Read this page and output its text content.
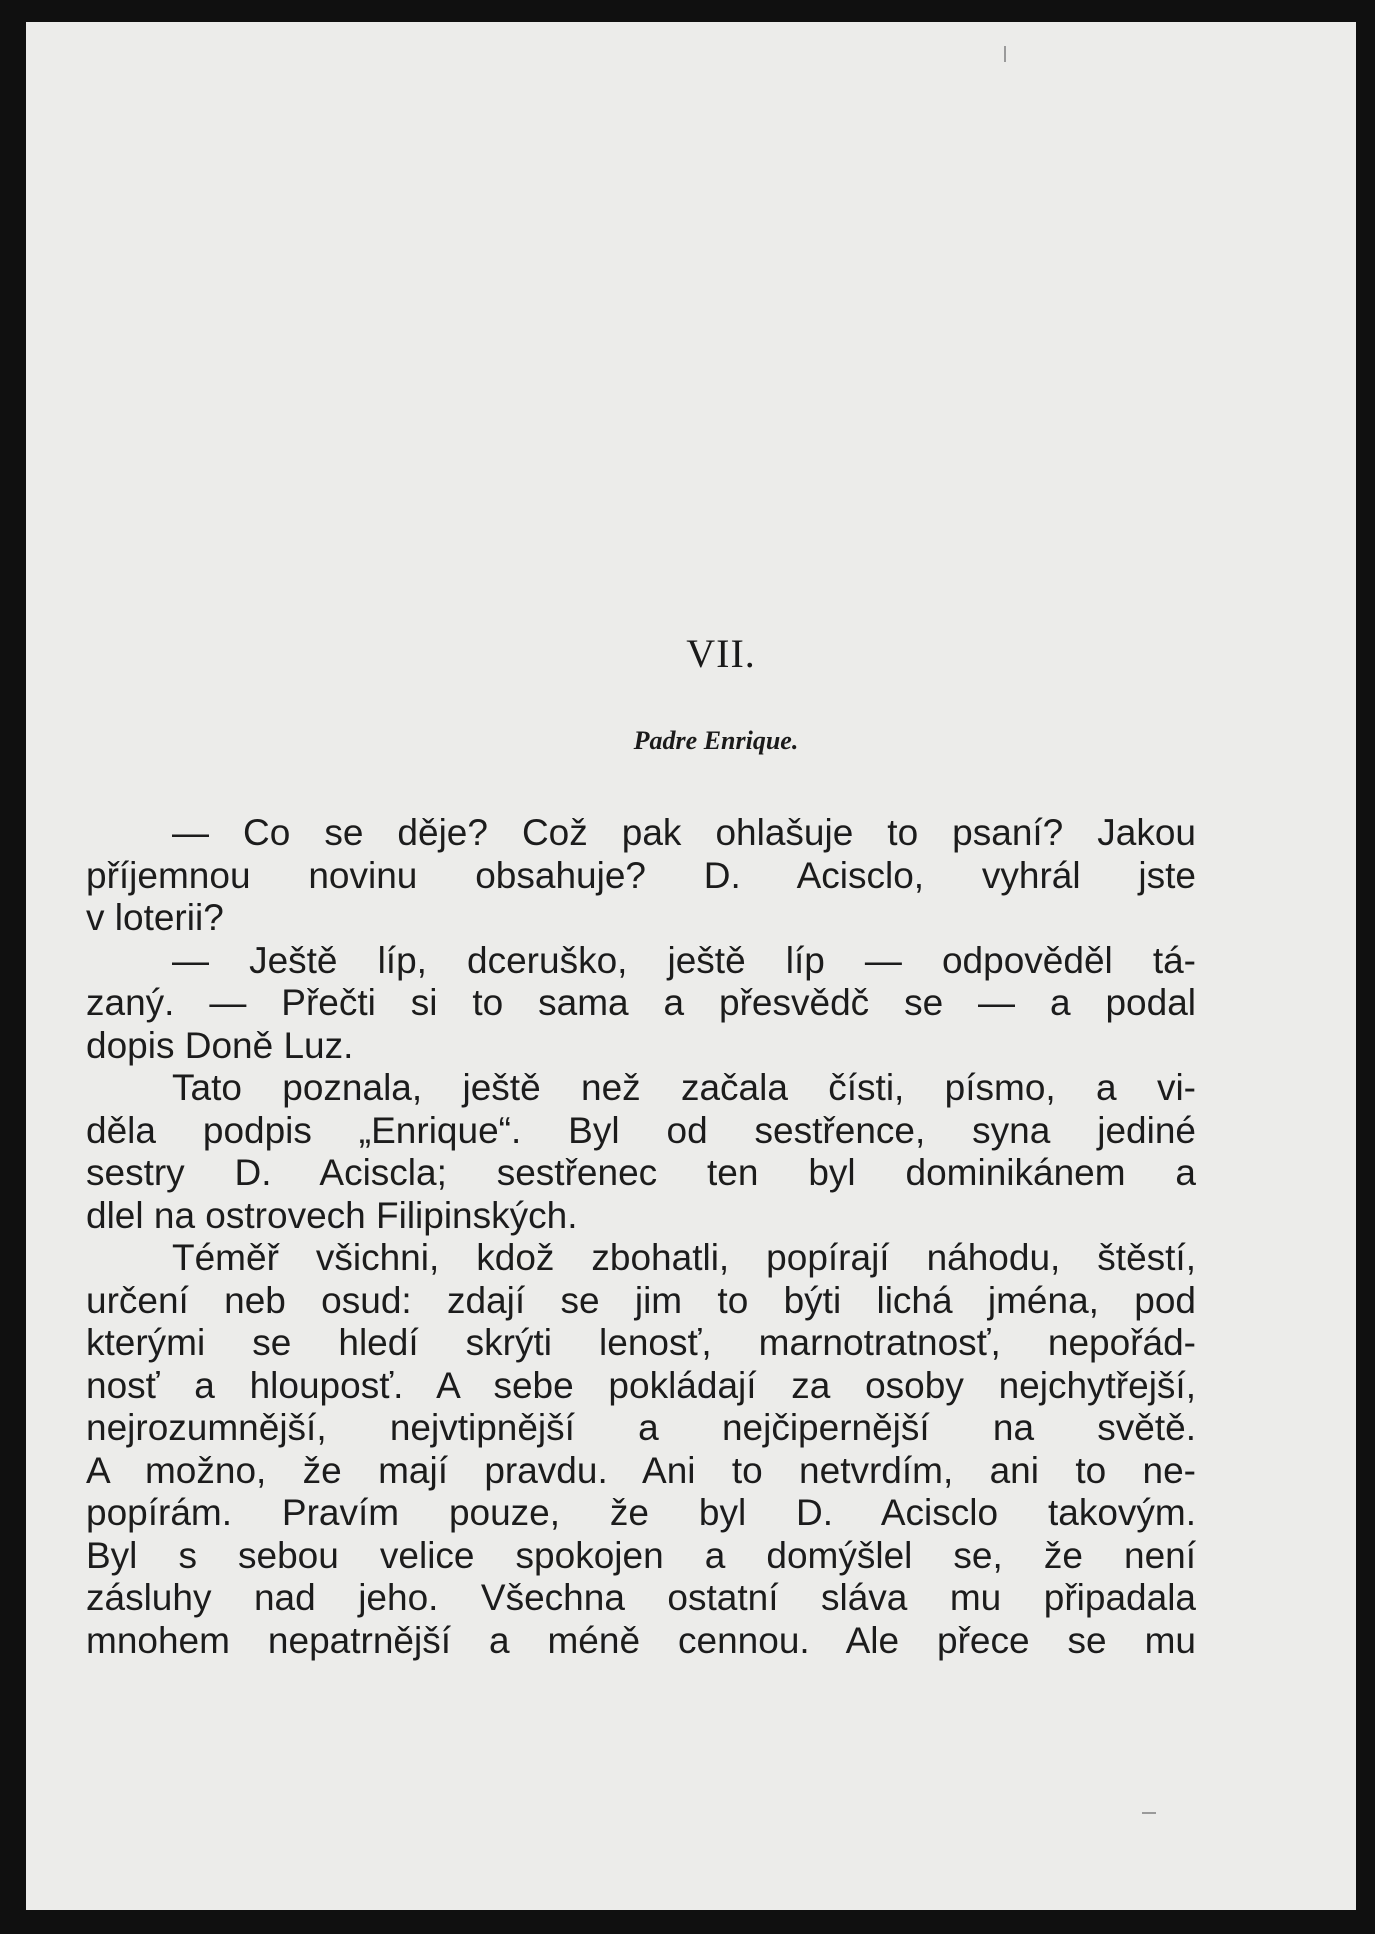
VII.
Padre Enrique.

— Co se děje? Což pak ohlašuje to psaní? Jakou
příjemnou novinu obsahuje? D. Acisclo, vyhrál jste
v loterii?

— Ještě líp, dceruško, ještě líp — odpověděl tá-
zaný. — Přečti si to sama a přesvědč se — a podal
dopis Doně Luz.

Tato poznala, ještě než začala čísti, písmo, a vi-
děla podpis „Enrique“. Byl od sestřence, syna jediné
sestry D. Aciscla; sestřenec ten byl dominikánem a
dlel na ostrovech Filipinských.

Téměř všichni, kdož zbohatli, popírají náhodu, štěstí,
určení neb osud: zdají se jim to býti lichá jména, pod
kterými se hledí skrýti lenosť, marnotratnosť, nepořád-
nosť a hlouposť. A sebe pokládají za osoby nejchytřejší,
nejrozumnější, nejvtipnější a nejčipernější na světě.
A možno, že mají pravdu. Ani to netvrdím, ani to ne-
popírám. Pravím pouze, že byl D. Acisclo takovým.
Byl s sebou velice spokojen a domýšlel se, že není
zásluhy nad jeho. Všechna ostatní sláva mu připadala
mnohem nepatrnější a méně cennou. Ale přece se mu
